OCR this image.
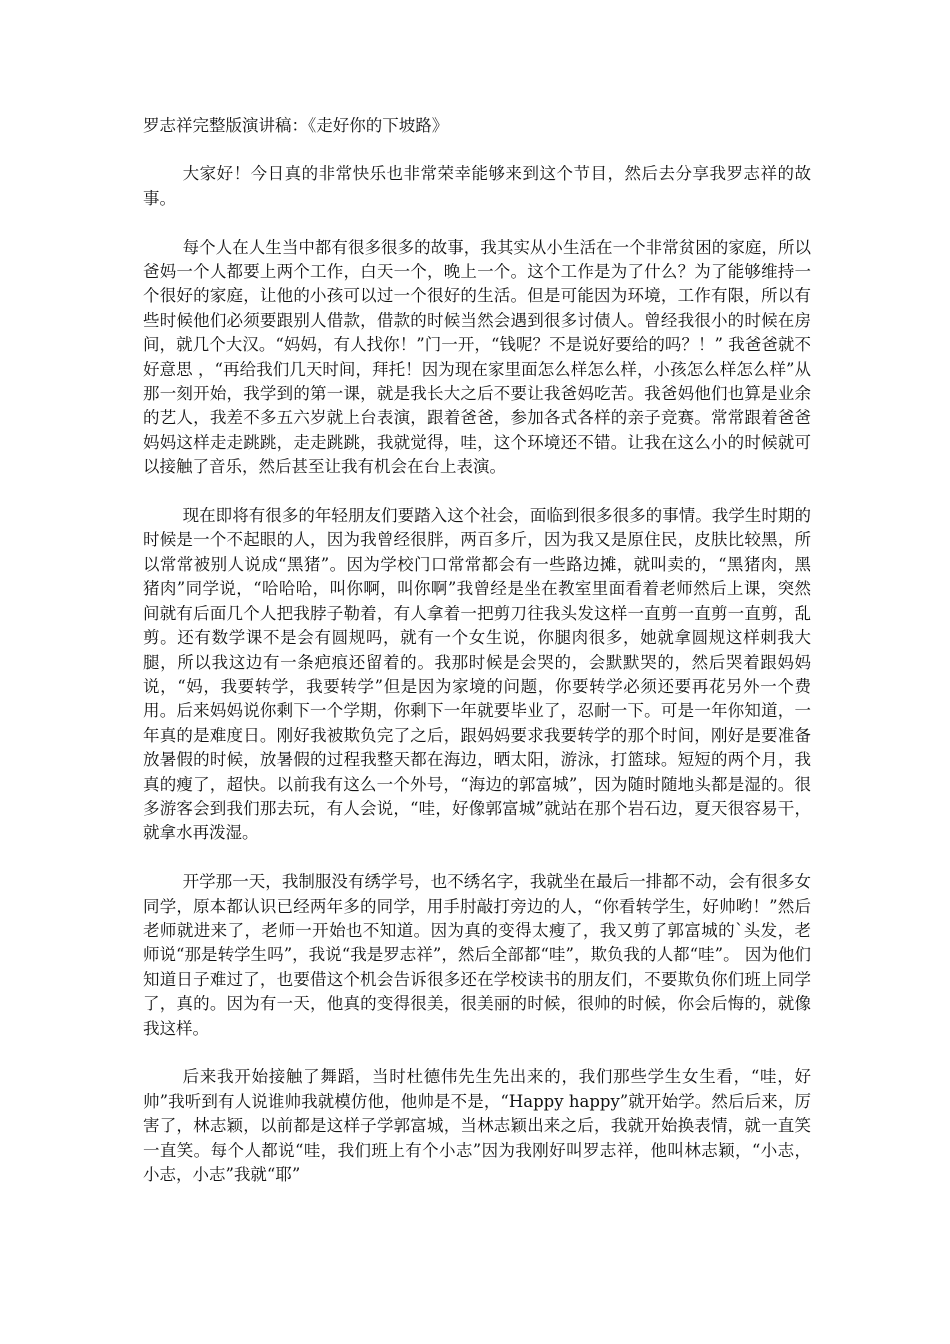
罗志祥完整版演讲稿：《走好你的下坡路》

大家好！今日真的非常快乐也非常荣幸能够来到这个节目，然后去分享我罗志祥的故事。

每个人在人生当中都有很多很多的故事，我其实从小生活在一个非常贫困的家庭，所以爸妈一个人都要上两个工作，白天一个，晚上一个。这个工作是为了什么？为了能够维持一个很好的家庭，让他的小孩可以过一个很好的生活。但是可能因为环境，工作有限，所以有些时候他们必须要跟别人借款，借款的时候当然会遇到很多讨债人。曾经我很小的时候在房间，就几个大汉。“妈妈，有人找你！”门一开，“钱呢？不是说好要给的吗？！” 我爸爸就不好意思 ，“再给我们几天时间，拜托！因为现在家里面怎么样怎么样，小孩怎么样怎么样”从那一刻开始，我学到的第一课，就是我长大之后不要让我爸妈吃苦。我爸妈他们也算是业余的艺人，我差不多五六岁就上台表演，跟着爸爸，参加各式各样的亲子竞赛。常常跟着爸爸妈妈这样走走跳跳，走走跳跳，我就觉得，哇，这个环境还不错。让我在这么小的时候就可以接触了音乐，然后甚至让我有机会在台上表演。

现在即将有很多的年轻朋友们要踏入这个社会，面临到很多很多的事情。我学生时期的时候是一个不起眼的人，因为我曾经很胖，两百多斤，因为我又是原住民，皮肤比较黑，所以常常被别人说成“黑猪”。因为学校门口常常都会有一些路边摊，就叫卖的，“黑猪肉，黑猪肉”同学说，“哈哈哈，叫你啊，叫你啊”我曾经是坐在教室里面看着老师然后上课，突然间就有后面几个人把我脖子勒着，有人拿着一把剪刀往我头发这样一直剪一直剪一直剪，乱剪。还有数学课不是会有圆规吗，就有一个女生说，你腿肉很多，她就拿圆规这样刺我大腿，所以我这边有一条疤痕还留着的。我那时候是会哭的，会默默哭的，然后哭着跟妈妈说，“妈，我要转学，我要转学”但是因为家境的问题，你要转学必须还要再花另外一个费用。后来妈妈说你剩下一个学期，你剩下一年就要毕业了，忍耐一下。可是一年你知道，一年真的是难度日。刚好我被欺负完了之后，跟妈妈要求我要转学的那个时间，刚好是要准备放暑假的时候，放暑假的过程我整天都在海边，晒太阳，游泳，打篮球。短短的两个月，我真的瘦了，超快。以前我有这么一个外号，“海边的郭富城”，因为随时随地头都是湿的。很多游客会到我们那去玩，有人会说，“哇，好像郭富城”就站在那个岩石边，夏天很容易干，就拿水再泼湿。

开学那一天，我制服没有绣学号，也不绣名字，我就坐在最后一排都不动，会有很多女同学，原本都认识已经两年多的同学，用手肘敲打旁边的人，“你看转学生，好帅哟！”然后老师就进来了，老师一开始也不知道。因为真的变得太瘦了，我又剪了郭富城的`头发，老师说“那是转学生吗”，我说“我是罗志祥”，然后全部都“哇”，欺负我的人都“哇”。 因为他们知道日子难过了，也要借这个机会告诉很多还在学校读书的朋友们，不要欺负你们班上同学了，真的。因为有一天，他真的变得很美，很美丽的时候，很帅的时候，你会后悔的，就像我这样。

后来我开始接触了舞蹈，当时杜德伟先生先出来的，我们那些学生女生看，“哇，好帅”我听到有人说谁帅我就模仿他，他帅是不是，“Happy happy”就开始学。然后后来，厉害了，林志颖，以前都是这样子学郭富城，当林志颖出来之后，我就开始换表情，就一直笑一直笑。每个人都说“哇，我们班上有个小志”因为我刚好叫罗志祥，他叫林志颖，“小志，小志，小志”我就“耶”
